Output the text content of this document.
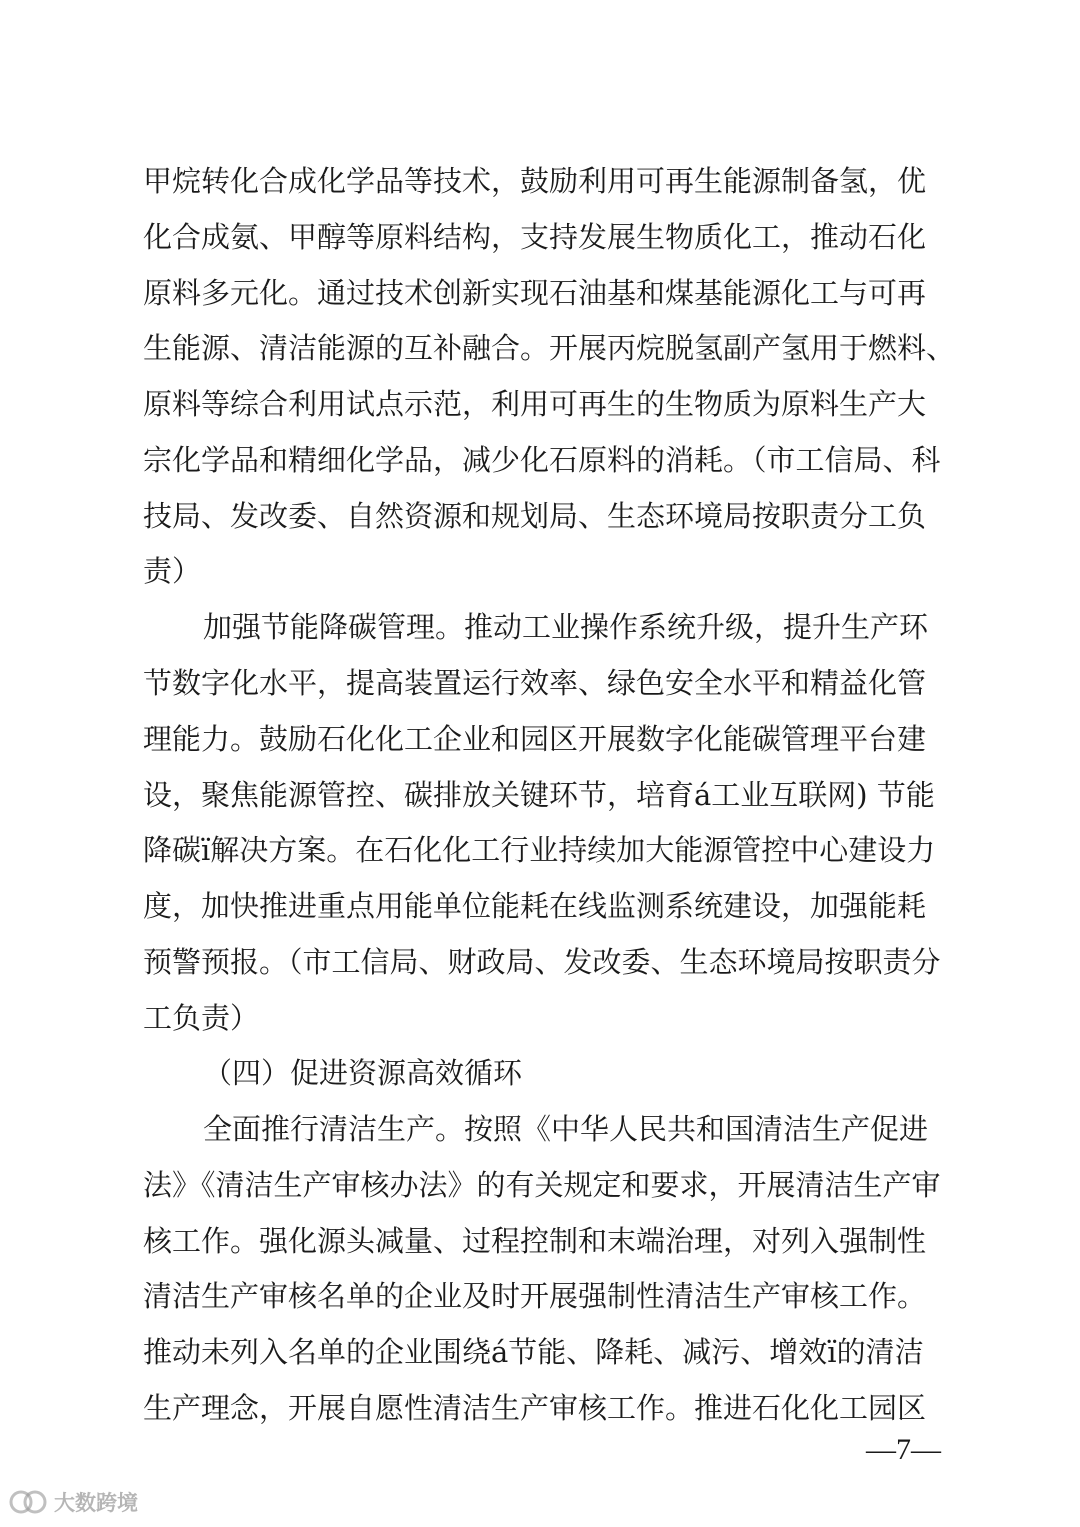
甲烷转化合成化学品等技术，鼓励利用可再生能源制备氢，优
化合成氨、甲醇等原料结构，支持发展生物质化工，推动石化
原料多元化。通过技术创新实现石油基和煤基能源化工与可再
生能源、清洁能源的互补融合。开展丙烷脱氢副产氢用于燃料、
原料等综合利用试点示范，利用可再生的生物质为原料生产大
宗化学品和精细化学品，减少化石原料的消耗。（市工信局、科
技局、发改委、自然资源和规划局、生态环境局按职责分工负
责）
加强节能降碳管理。推动工业操作系统升级，提升生产环
节数字化水平，提高装置运行效率、绿色安全水平和精益化管
理能力。鼓励石化化工企业和园区开展数字化能碳管理平台建
设，聚焦能源管控、碳排放关键环节，培育á工业互联网) 节能
降碳ï解决方案。在石化化工行业持续加大能源管控中心建设力
度，加快推进重点用能单位能耗在线监测系统建设，加强能耗
预警预报。（市工信局、财政局、发改委、生态环境局按职责分
工负责）
（四）促进资源高效循环
全面推行清洁生产。按照《中华人民共和国清洁生产促进
法》《清洁生产审核办法》的有关规定和要求，开展清洁生产审
核工作。强化源头减量、过程控制和末端治理，对列入强制性
清洁生产审核名单的企业及时开展强制性清洁生产审核工作。
推动未列入名单的企业围绕á节能、降耗、减污、增效ï的清洁
生产理念，开展自愿性清洁生产审核工作。推进石化化工园区
—7—
大数跨境
